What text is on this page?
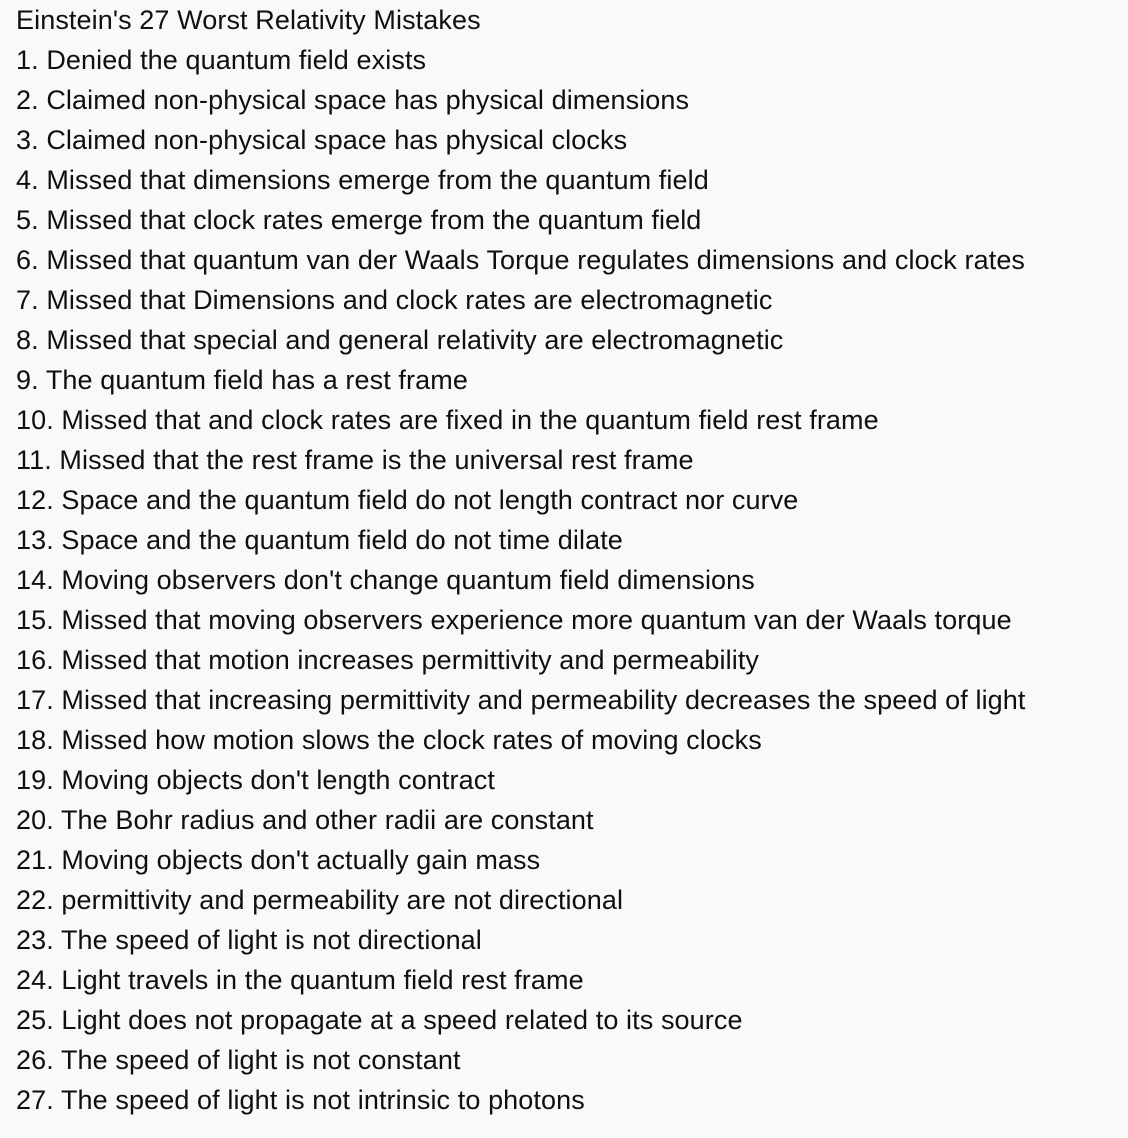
Einstein's 27 Worst Relativity Mistakes
1. Denied the quantum field exists
2. Claimed non-physical space has physical dimensions
3. Claimed non-physical space has physical clocks
4. Missed that dimensions emerge from the quantum field
5. Missed that clock rates emerge from the quantum field
6. Missed that quantum van der Waals Torque regulates dimensions and clock rates
7. Missed that Dimensions and clock rates are electromagnetic
8. Missed that special and general relativity are electromagnetic
9. The quantum field has a rest frame
10. Missed that and clock rates are fixed in the quantum field rest frame
11. Missed that the rest frame is the universal rest frame
12. Space and the quantum field do not length contract nor curve
13. Space and the quantum field do not time dilate
14. Moving observers don't change quantum field dimensions
15. Missed that moving observers experience more quantum van der Waals torque
16. Missed that motion increases permittivity and permeability
17. Missed that increasing permittivity and permeability decreases the speed of light
18. Missed how motion slows the clock rates of moving clocks
19. Moving objects don't length contract
20. The Bohr radius and other radii are constant
21. Moving objects don't actually gain mass
22. permittivity and permeability are not directional
23. The speed of light is not directional
24. Light travels in the quantum field rest frame
25. Light does not propagate at a speed related to its source
26. The speed of light is not constant
27. The speed of light is not intrinsic to photons
